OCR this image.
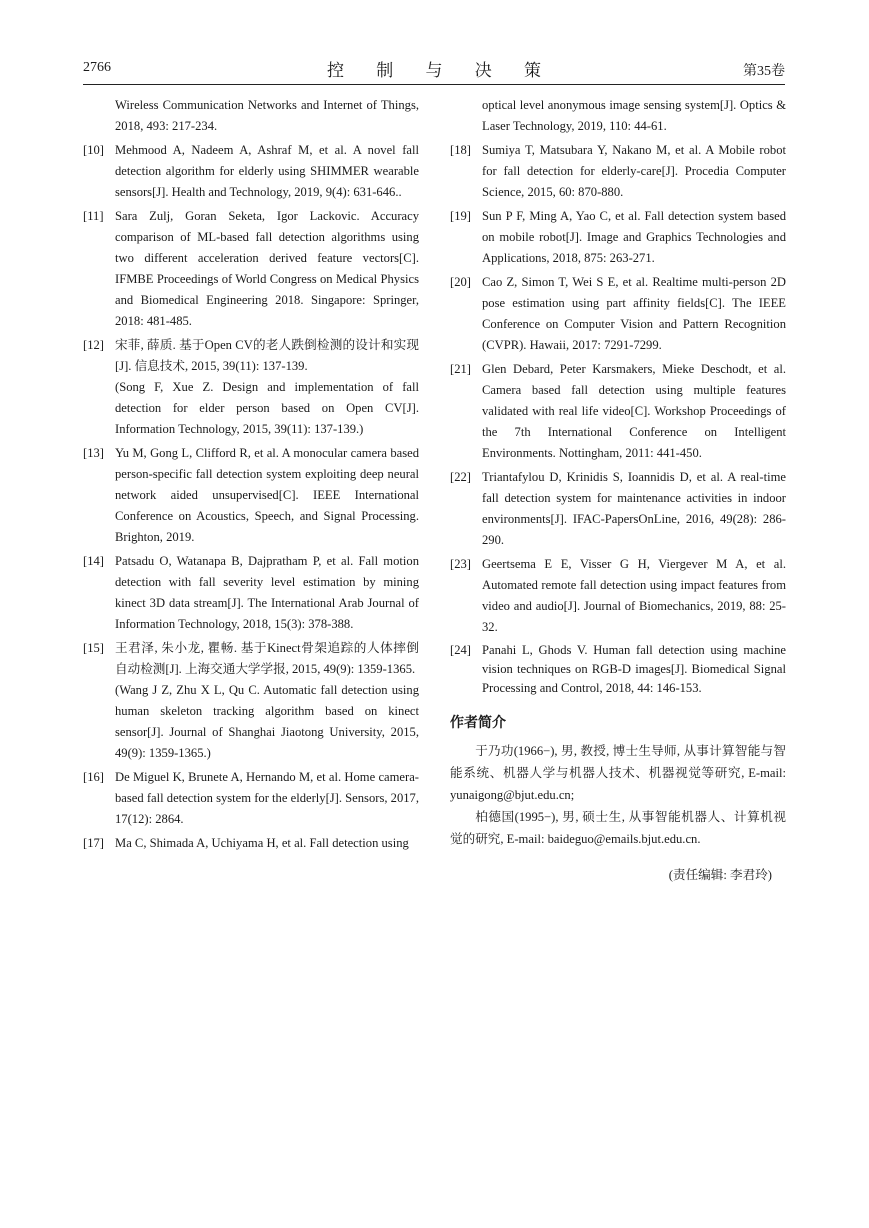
2766	控 制 与 决 策	第35卷
Wireless Communication Networks and Internet of Things, 2018, 493: 217-234.
[10] Mehmood A, Nadeem A, Ashraf M, et al. A novel fall detection algorithm for elderly using SHIMMER wearable sensors[J]. Health and Technology, 2019, 9(4): 631-646..
[11] Sara Zulj, Goran Seketa, Igor Lackovic. Accuracy comparison of ML-based fall detection algorithms using two different acceleration derived feature vectors[C]. IFMBE Proceedings of World Congress on Medical Physics and Biomedical Engineering 2018. Singapore: Springer, 2018: 481-485.
[12] 宋菲, 薛质. 基于Open CV的老人跌倒检测的设计和实现[J]. 信息技术, 2015, 39(11): 137-139.
(Song F, Xue Z. Design and implementation of fall detection for elder person based on Open CV[J]. Information Technology, 2015, 39(11): 137-139.)
[13] Yu M, Gong L, Clifford R, et al. A monocular camera based person-specific fall detection system exploiting deep neural network aided unsupervised[C]. IEEE International Conference on Acoustics, Speech, and Signal Processing. Brighton, 2019.
[14] Patsadu O, Watanapa B, Dajpratham P, et al. Fall motion detection with fall severity level estimation by mining kinect 3D data stream[J]. The International Arab Journal of Information Technology, 2018, 15(3): 378-388.
[15] 王君泽, 朱小龙, 瞿畅. 基于Kinect骨架追踪的人体摔倒自动检测[J]. 上海交通大学学报, 2015, 49(9): 1359-1365.
(Wang J Z, Zhu X L, Qu C. Automatic fall detection using human skeleton tracking algorithm based on kinect sensor[J]. Journal of Shanghai Jiaotong University, 2015, 49(9): 1359-1365.)
[16] De Miguel K, Brunete A, Hernando M, et al. Home camera-based fall detection system for the elderly[J]. Sensors, 2017, 17(12): 2864.
[17] Ma C, Shimada A, Uchiyama H, et al. Fall detection using
optical level anonymous image sensing system[J]. Optics & Laser Technology, 2019, 110: 44-61.
[18] Sumiya T, Matsubara Y, Nakano M, et al. A Mobile robot for fall detection for elderly-care[J]. Procedia Computer Science, 2015, 60: 870-880.
[19] Sun P F, Ming A, Yao C, et al. Fall detection system based on mobile robot[J]. Image and Graphics Technologies and Applications, 2018, 875: 263-271.
[20] Cao Z, Simon T, Wei S E, et al. Realtime multi-person 2D pose estimation using part affinity fields[C]. The IEEE Conference on Computer Vision and Pattern Recognition (CVPR). Hawaii, 2017: 7291-7299.
[21] Glen Debard, Peter Karsmakers, Mieke Deschodt, et al. Camera based fall detection using multiple features validated with real life video[C]. Workshop Proceedings of the 7th International Conference on Intelligent Environments. Nottingham, 2011: 441-450.
[22] Triantafylou D, Krinidis S, Ioannidis D, et al. A real-time fall detection system for maintenance activities in indoor environments[J]. IFAC-PapersOnLine, 2016, 49(28): 286-290.
[23] Geertsema E E, Visser G H, Viergever M A, et al. Automated remote fall detection using impact features from video and audio[J]. Journal of Biomechanics, 2019, 88: 25-32.
[24] Panahi L, Ghods V. Human fall detection using machine vision techniques on RGB-D images[J]. Biomedical Signal Processing and Control, 2018, 44: 146-153.
作者简介

于乃功(1966−), 男, 教授, 博士生导师, 从事计算智能与智能系统、机器人学与机器人技术、机器视觉等研究, E-mail: yunaigong@bjut.edu.cn;

柏德国(1995−), 男, 硕士生, 从事智能机器人、计算机视觉的研究, E-mail: baideguo@emails.bjut.edu.cn.

(责任编辑: 李君玲)
